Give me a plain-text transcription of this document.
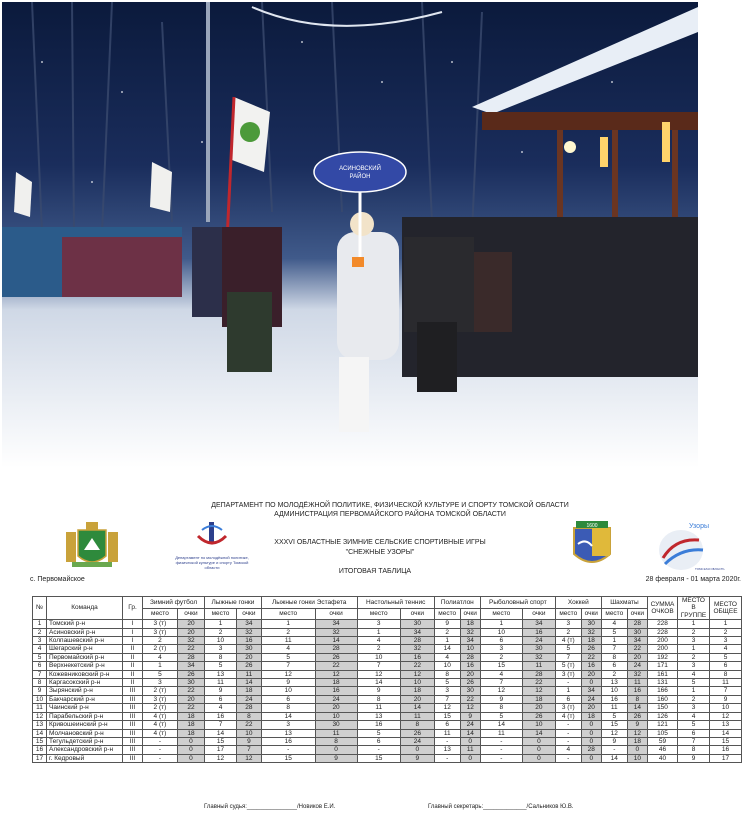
АСИНОВСКИЙ
РАЙОН
ДЕПАРТАМЕНТ ПО МОЛОДЁЖНОЙ ПОЛИТИКЕ, ФИЗИЧЕСКОЙ КУЛЬТУРЕ И СПОРТУ ТОМСКОЙ ОБЛАСТИ
АДМИНИСТРАЦИЯ ПЕРВОМАЙСКОГО РАЙОНА ТОМСКОЙ ОБЛАСТИ
Департамент по молодёжной политике, физической культуре и спорту Томской области
XXXVI ОБЛАСТНЫЕ ЗИМНИЕ СЕЛЬСКИЕ СПОРТИВНЫЕ ИГРЫ
"СНЕЖНЫЕ УЗОРЫ"
1600	Узоры
ТОМСКАЯ ОБЛАСТЬ
ИТОГОВАЯ ТАБЛИЦА
с. Первомайское	28 февраля - 01 марта 2020г.
№	Команда	Гр.	Зимний футбол		Лыжные гонки		Лыжные гонки Эстафета		Настольный теннис		Полиатлон		Рыболовный спорт		Хоккей		Шахматы		СУММА ОЧКОВ	МЕСТО В ГРУППЕ	МЕСТО ОБЩЕЕ
			место	очки	место	очки	место	очки	место	очки	место	очки	место	очки	место	очки	место	очки			
1	Томский р-н	I	3 (т)	20	1	34	1	34	3	30	9	18	1	34	3	30	4	28	228	1	1
2	Асиновский р-н	I	3 (т)	20	2	32	2	32	1	34	2	32	10	16	2	32	5	30	228	2	2
3	Колпашевский р-н	I	2	32	10	16	11	14	4	28	1	34	6	24	4 (т)	18	1	34	200	3	3
4	Шегарский р-н	II	2 (т)	22	3	30	4	28	2	32	14	10	3	30	5	26	7	22	200	1	4
5	Первомайский р-н	II	4	28	8	20	5	26	10	16	4	28	2	32	7	22	8	20	192	2	5
6	Верхнекетский р-н	II	1	34	5	26	7	22	7	22	10	16	15	11	5 (т)	16	6	24	171	3	6
7	Кожевниковский р-н	II	5	26	13	11	12	12	12	12	8	20	4	28	3 (т)	20	2	32	161	4	8
8	Каргасокский р-н	II	3	30	11	14	9	18	14	10	5	26	7	22	-	0	13	11	131	5	11
9	Зырянский р-н	III	2 (т)	22	9	18	10	16	9	18	3	30	12	12	1	34	10	16	166	1	7
10	Бакчарский р-н	III	3 (т)	20	6	24	6	24	8	20	7	22	9	18	6	24	16	8	160	2	9
11	Чаинский р-н	III	2 (т)	22	4	28	8	20	11	14	12	12	8	20	3 (т)	20	11	14	150	3	10
12	Парабельский р-н	III	4 (т)	18	16	8	14	10	13	11	15	9	5	26	4 (т)	18	5	26	126	4	12
13	Кривошеинский р-н	III	4 (т)	18	7	22	3	30	16	8	6	24	14	10	-	0	15	9	121	5	13
14	Молчановский р-н	III	4 (т)	18	14	10	13	11	5	26	11	14	11	14	-	0	12	12	105	6	14
15	Тегульдетский р-н	III	-	0	15	9	16	8	6	24	-	0	-	0	-	0	9	18	59	7	15
16	Александровский р-н	III	-	0	17	7	-	0	-	0	13	11	-	0	4	28	-	0	46	8	16
17	г. Кедровый	III	-	0	12	12	15	9	15	9	-	0	-	0	-	0	14	10	40	9	17
Главный судья:_______________/Новиков Е.И.	Главный секретарь:_____________/Сальников Ю.В.
